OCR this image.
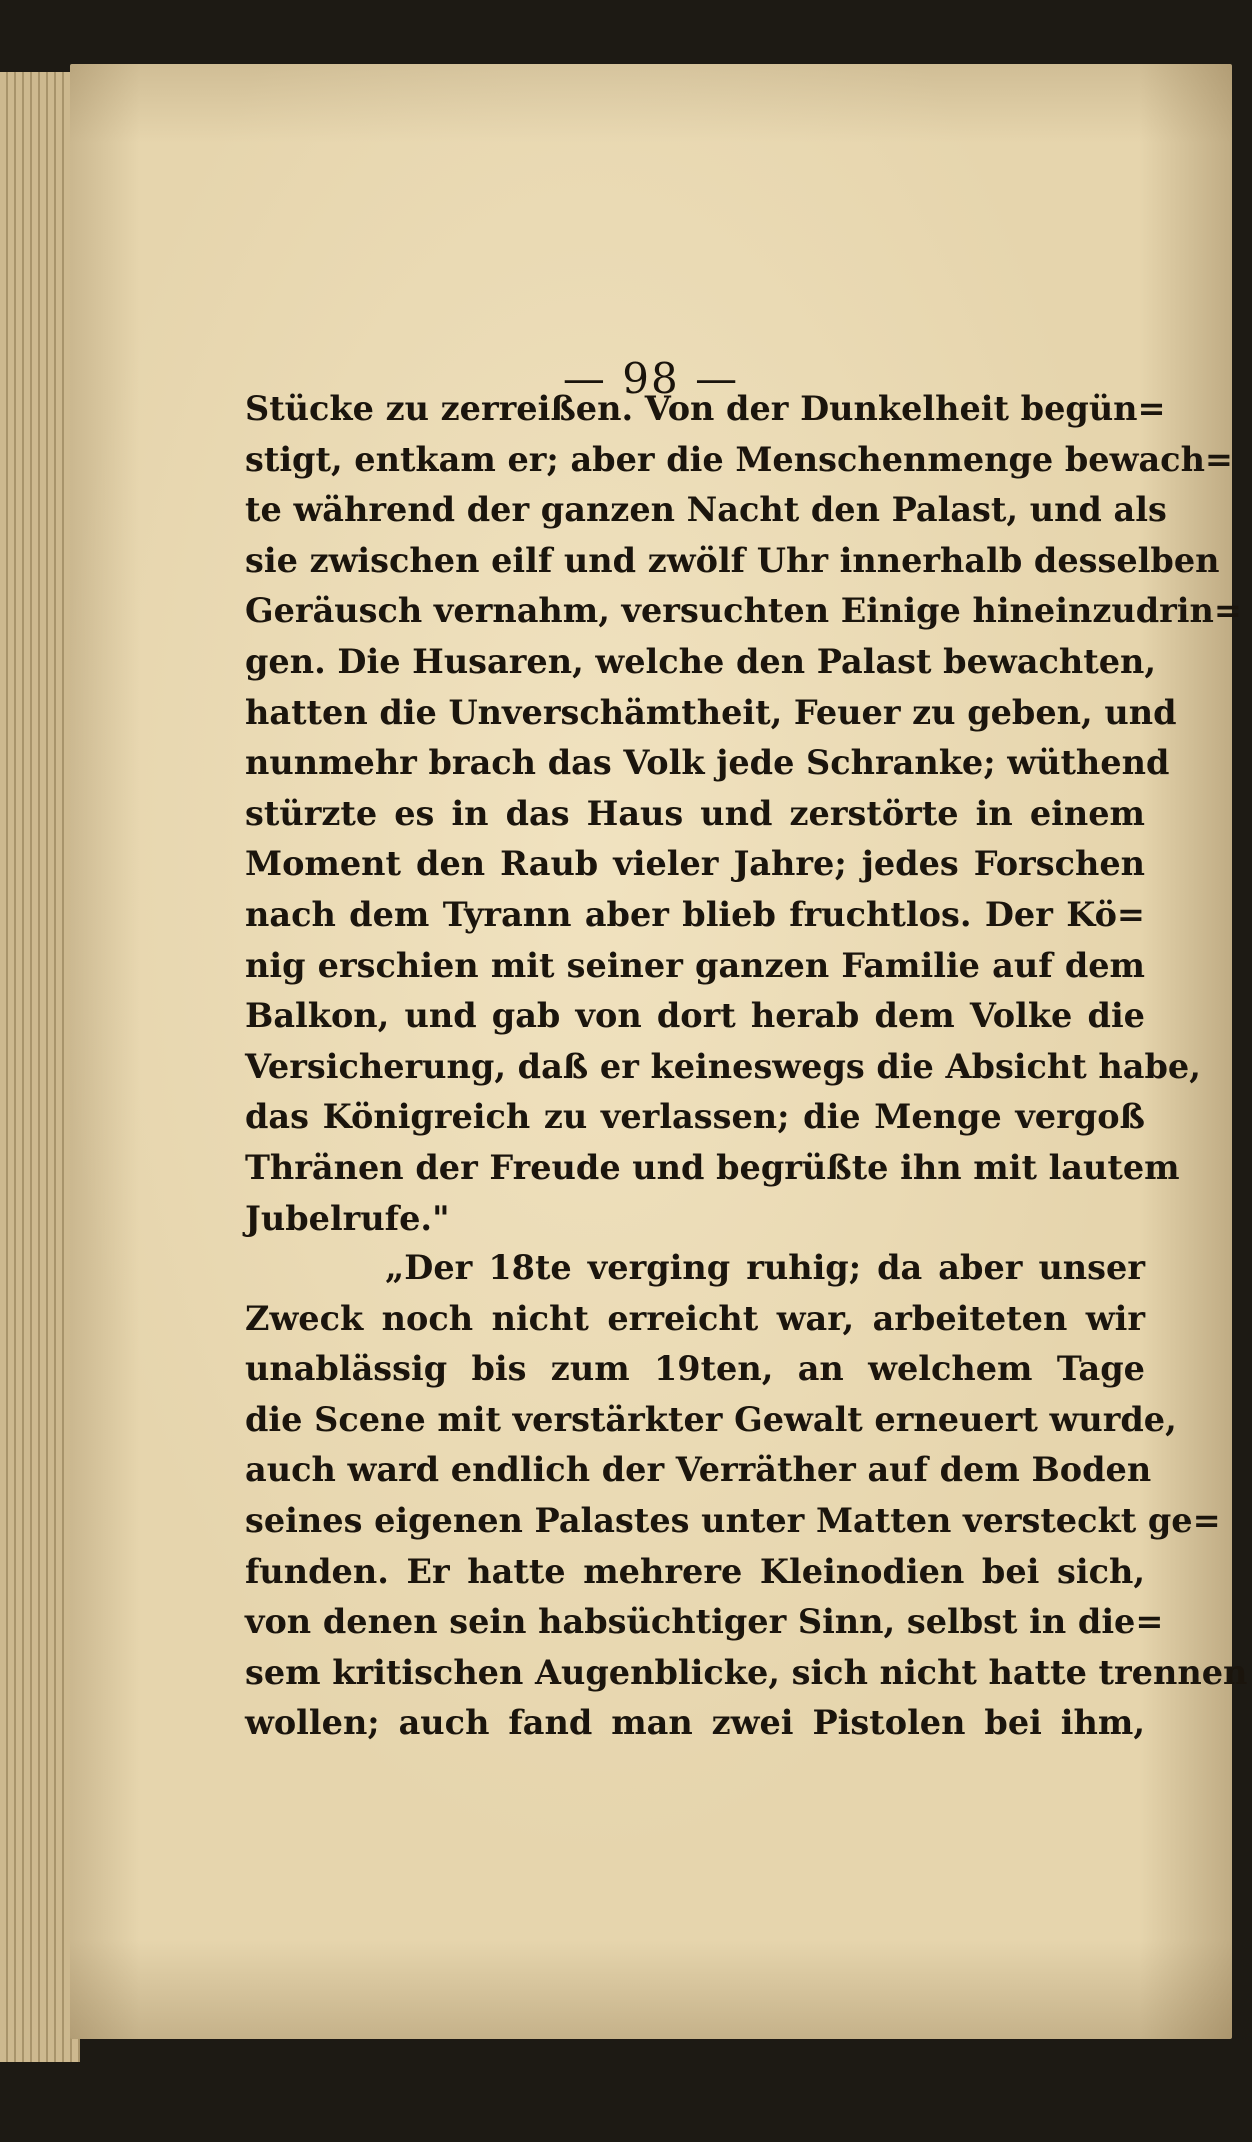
— 98 —
Stücke zu zerreißen. Von der Dunkelheit begün=
stigt, entkam er; aber die Menschenmenge bewach=
te während der ganzen Nacht den Palast, und als
sie zwischen eilf und zwölf Uhr innerhalb desselben
Geräusch vernahm, versuchten Einige hineinzudrin=
gen. Die Husaren, welche den Palast bewachten,
hatten die Unverschämtheit, Feuer zu geben, und
nunmehr brach das Volk jede Schranke; wüthend
stürzte es in das Haus und zerstörte in einem
Moment den Raub vieler Jahre; jedes Forschen
nach dem Tyrann aber blieb fruchtlos. Der Kö=
nig erschien mit seiner ganzen Familie auf dem
Balkon, und gab von dort herab dem Volke die
Versicherung, daß er keineswegs die Absicht habe,
das Königreich zu verlassen; die Menge vergoß
Thränen der Freude und begrüßte ihn mit lautem
Jubelrufe."
„Der 18te verging ruhig; da aber unser
Zweck noch nicht erreicht war, arbeiteten wir
unablässig bis zum 19ten, an welchem Tage
die Scene mit verstärkter Gewalt erneuert wurde,
auch ward endlich der Verräther auf dem Boden
seines eigenen Palastes unter Matten versteckt ge=
funden. Er hatte mehrere Kleinodien bei sich,
von denen sein habsüchtiger Sinn, selbst in die=
sem kritischen Augenblicke, sich nicht hatte trennen
wollen; auch fand man zwei Pistolen bei ihm,
